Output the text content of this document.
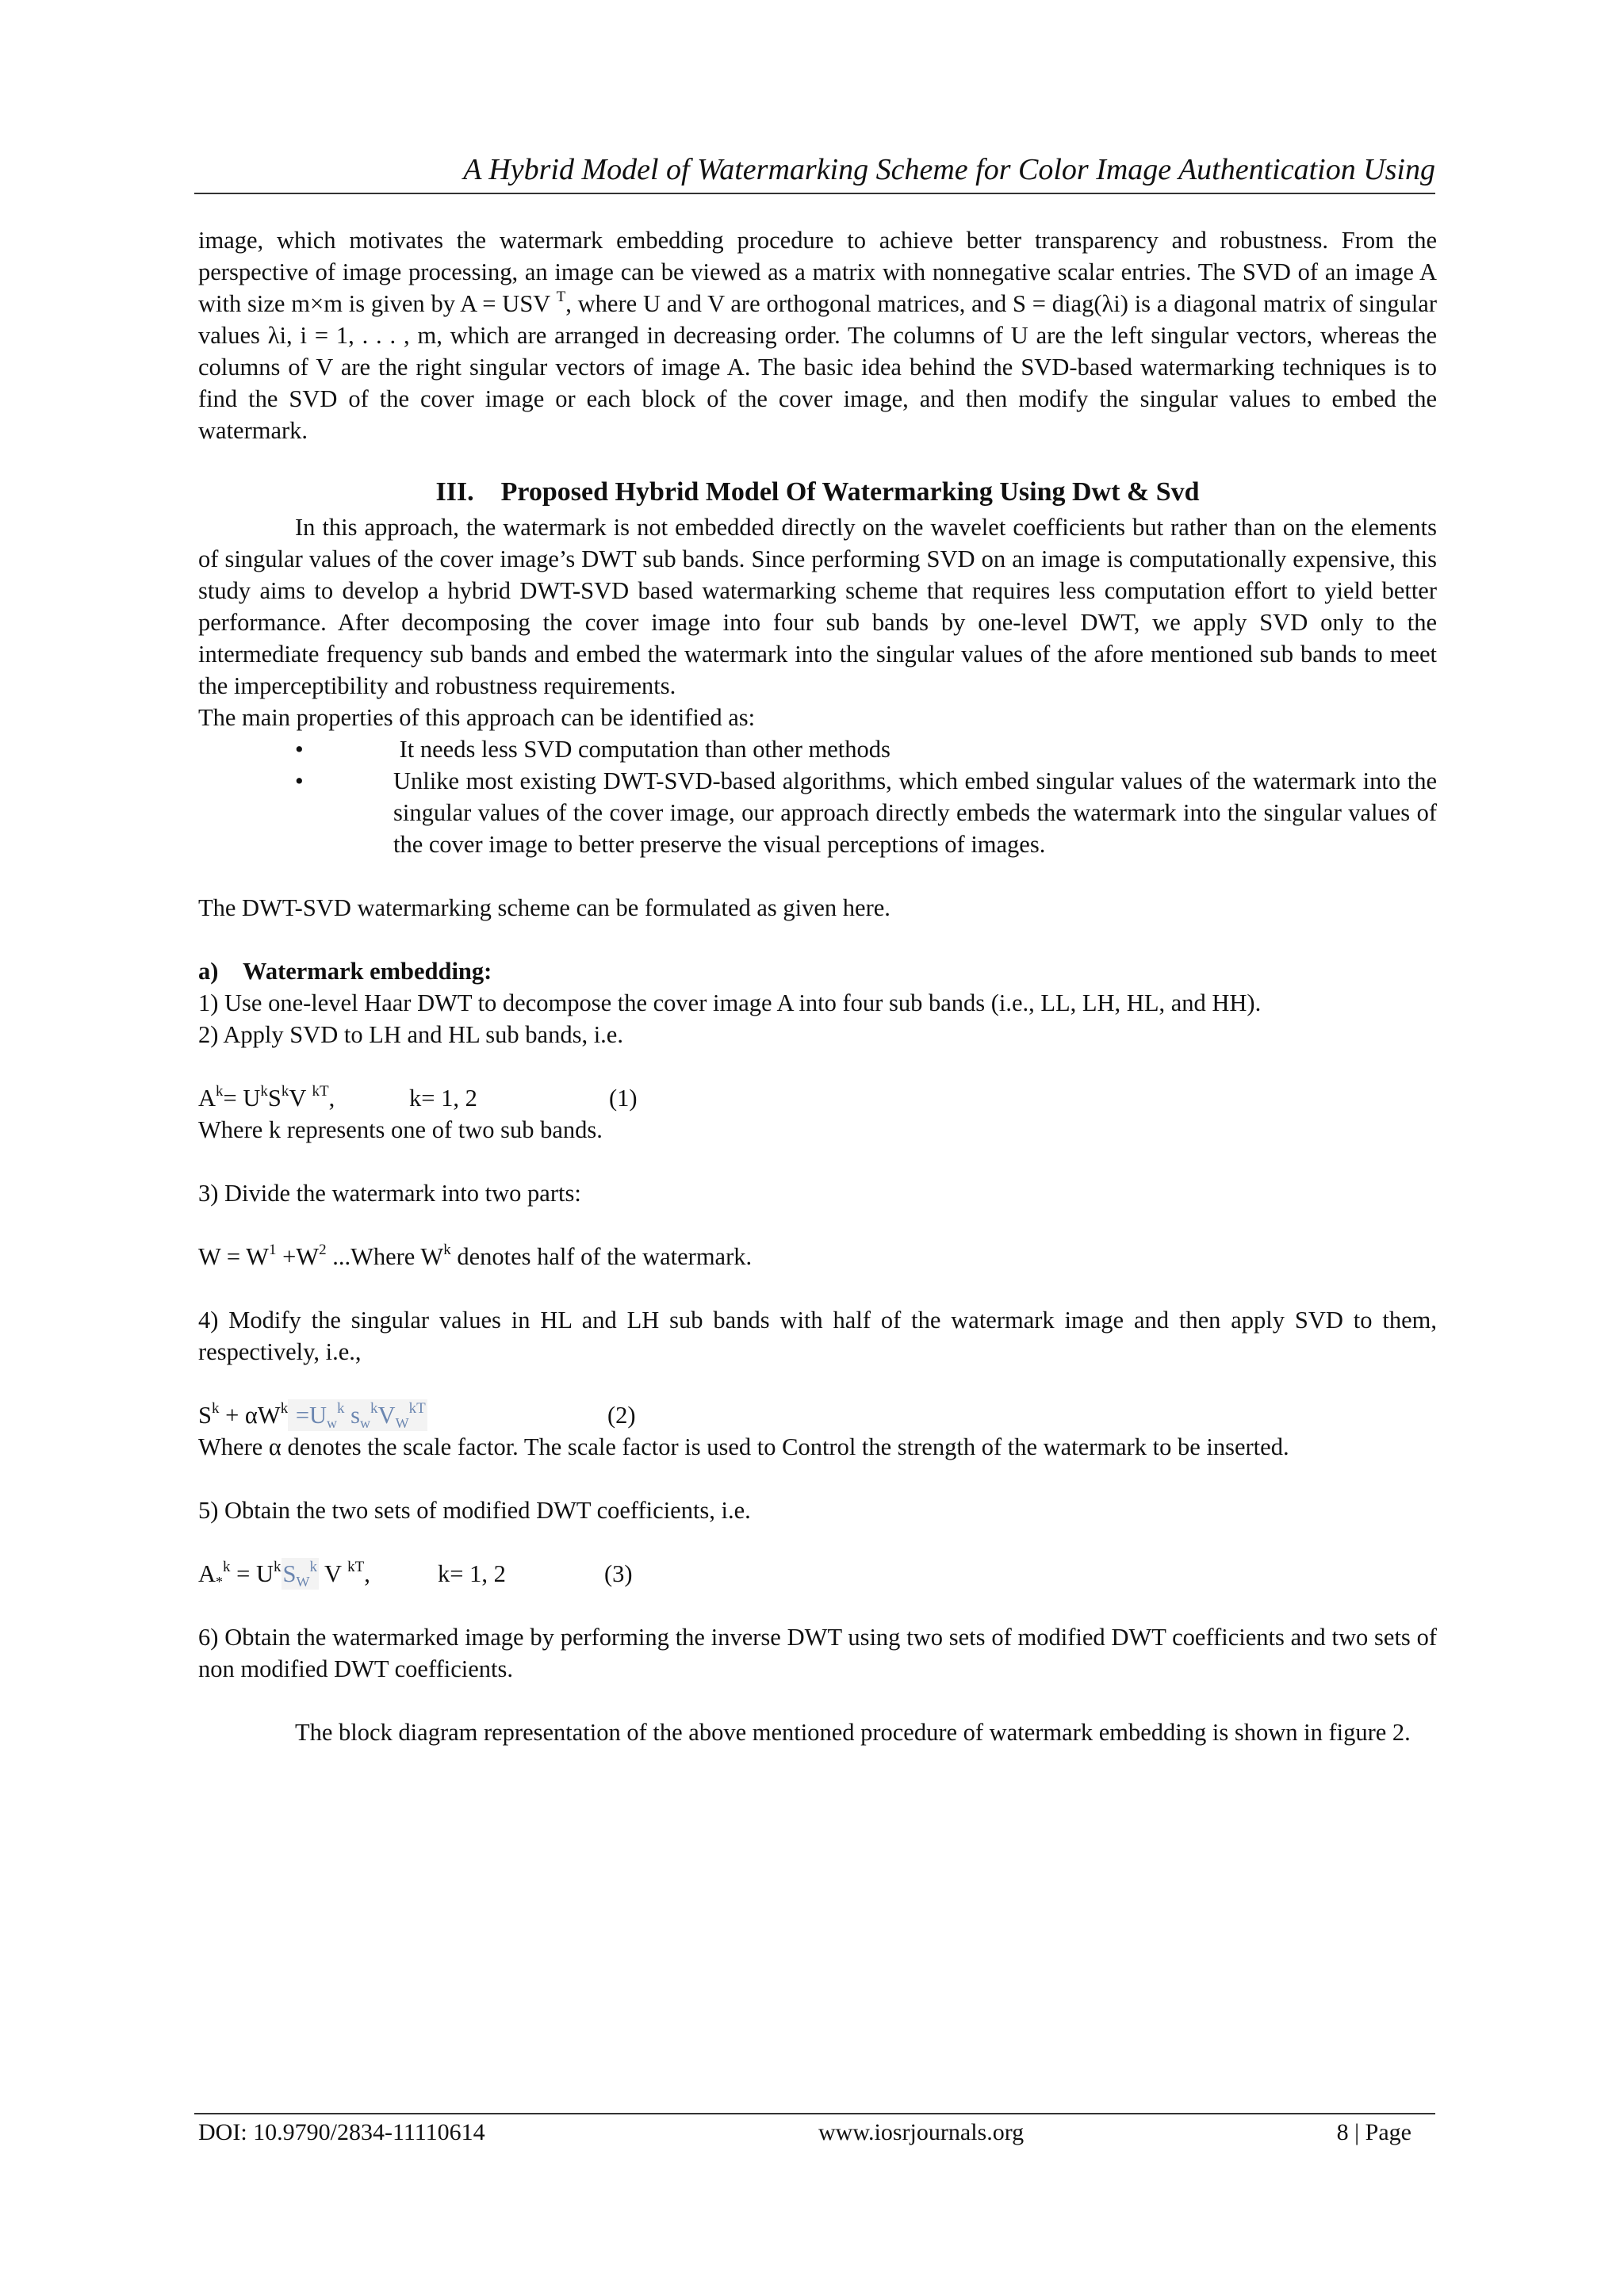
A Hybrid Model of Watermarking Scheme for Color Image Authentication Using

image, which motivates the watermark embedding procedure to achieve better transparency and robustness. From the perspective of image processing, an image can be viewed as a matrix with nonnegative scalar entries. The SVD of an image A with size m×m is given by A = USV $^T$, where U and V are orthogonal matrices, and S = diag(λi) is a diagonal matrix of singular values λi, i = 1, . . . , m, which are arranged in decreasing order. The columns of U are the left singular vectors, whereas the columns of V are the right singular vectors of image A. The basic idea behind the SVD-based watermarking techniques is to find the SVD of the cover image or each block of the cover image, and then modify the singular values to embed the watermark.

III.    Proposed Hybrid Model Of Watermarking Using Dwt & Svd

In this approach, the watermark is not embedded directly on the wavelet coefficients but rather than on the elements of singular values of the cover image’s DWT sub bands. Since performing SVD on an image is computationally expensive, this study aims to develop a hybrid DWT-SVD based watermarking scheme that requires less computation effort to yield better performance. After decomposing the cover image into four sub bands by one-level DWT, we apply SVD only to the intermediate frequency sub bands and embed the watermark into the singular values of the afore mentioned sub bands to meet the imperceptibility and robustness requirements.

The main properties of this approach can be identified as:

•	It needs less SVD computation than other methods
•	Unlike most existing DWT-SVD-based algorithms, which embed singular values of the watermark into the singular values of the cover image, our approach directly embeds the watermark into the singular values of the cover image to better preserve the visual perceptions of images.

The DWT-SVD watermarking scheme can be formulated as given here.

a) Watermark embedding:

1) Use one-level Haar DWT to decompose the cover image A into four sub bands (i.e., LL, LH, HL, and HH).

2) Apply SVD to LH and HL sub bands, i.e.

$A^k= U^kS^kV$ $^{kT}$,	k= 1, 2	(1)

Where k represents one of two sub bands.

3) Divide the watermark into two parts:

$W = W^1 +W^2$ ...Where $W^k$ denotes half of the watermark.

4) Modify the singular values in HL and LH sub bands with half of the watermark image and then apply SVD to them, respectively, i.e.,

$S^k + \alpha W^k =U_w^k$ $s_w^kV_W^{kT}$	(2)

Where α denotes the scale factor. The scale factor is used to Control the strength of the watermark to be inserted.

5) Obtain the two sets of modified DWT coefficients, i.e.

$A_*^k = U^kS_W^k$ V $^{kT}$,	k= 1, 2	(3)

6) Obtain the watermarked image by performing the inverse DWT using two sets of modified DWT coefficients and two sets of non modified DWT coefficients.

The block diagram representation of the above mentioned procedure of watermark embedding is shown in figure 2.

DOI: 10.9790/2834-11110614	www.iosrjournals.org	8 | Page
